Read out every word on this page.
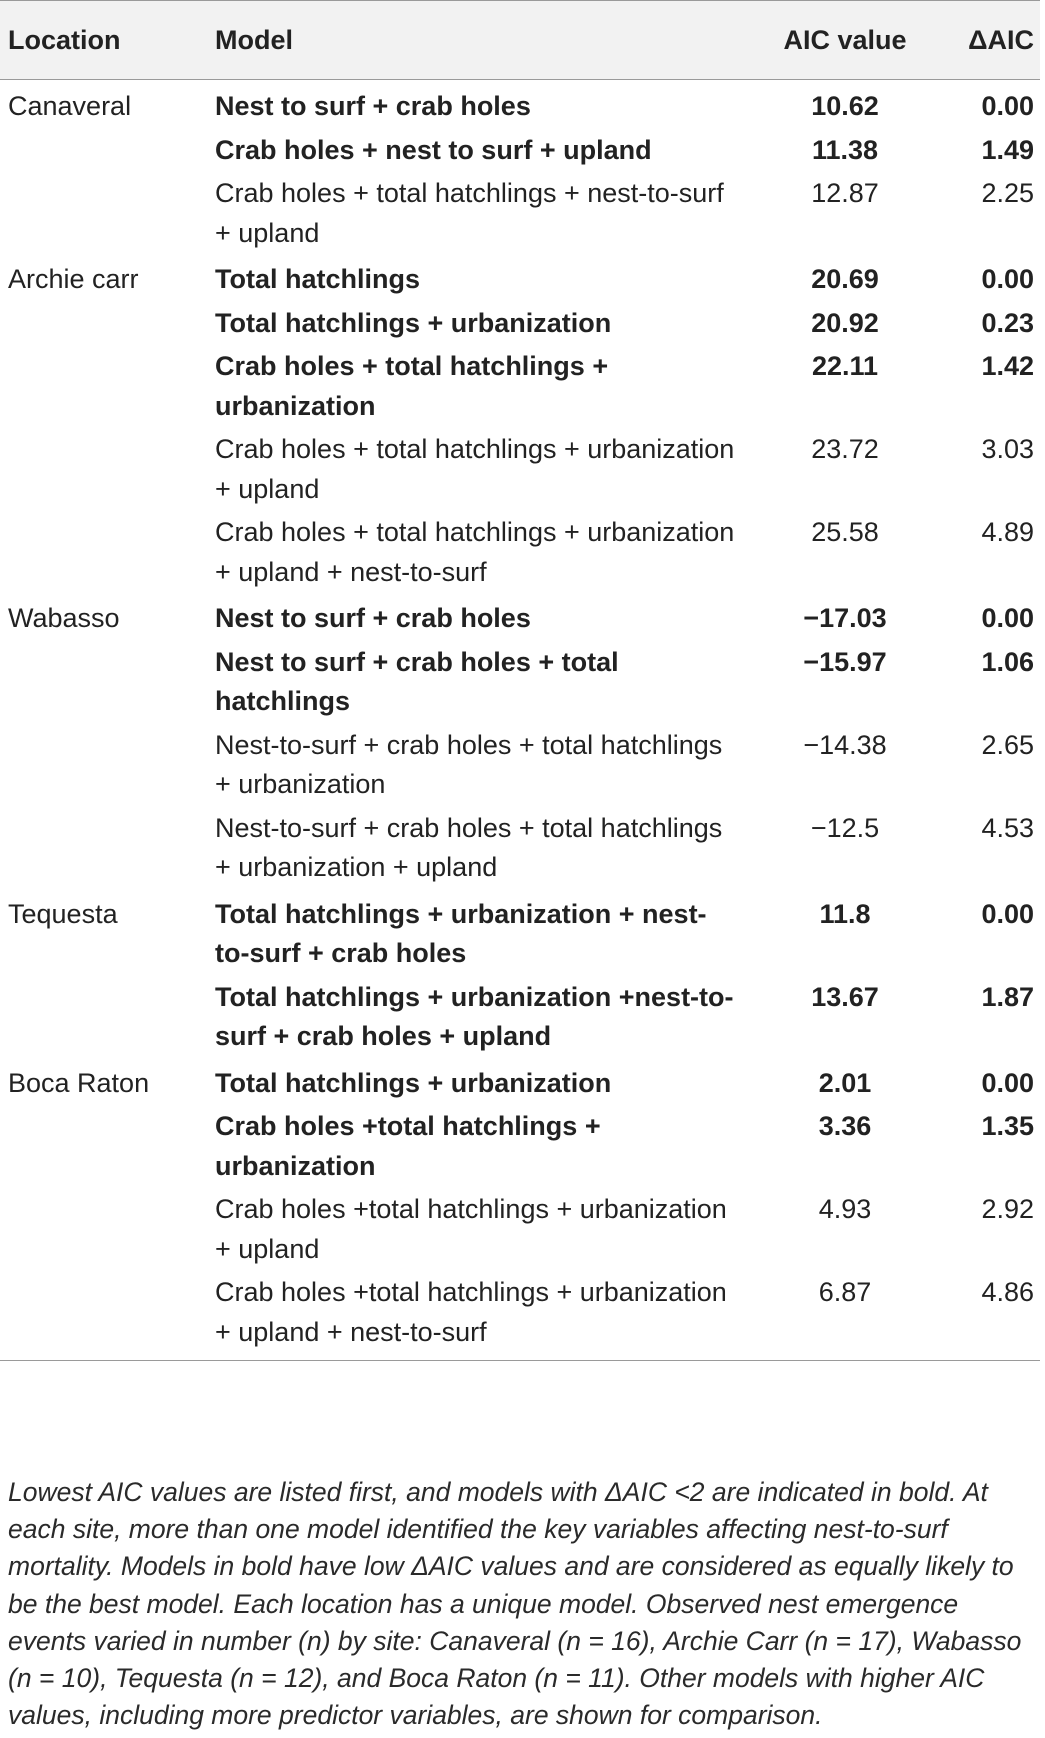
Location	Model	AIC value	ΔAIC
Canaveral	Nest to surf + crab holes	10.62	0.00
	Crab holes + nest to surf + upland	11.38	1.49
	Crab holes + total hatchlings + nest-to-surf + upland	12.87	2.25
Archie carr	Total hatchlings	20.69	0.00
	Total hatchlings + urbanization	20.92	0.23
	Crab holes + total hatchlings + urbanization	22.11	1.42
	Crab holes + total hatchlings + urbanization + upland	23.72	3.03
	Crab holes + total hatchlings + urbanization + upland + nest-to-surf	25.58	4.89
Wabasso	Nest to surf + crab holes	−17.03	0.00
	Nest to surf + crab holes + total hatchlings	−15.97	1.06
	Nest-to-surf + crab holes + total hatchlings + urbanization	−14.38	2.65
	Nest-to-surf + crab holes + total hatchlings + urbanization + upland	−12.5	4.53
Tequesta	Total hatchlings + urbanization + nest-to-surf + crab holes	11.8	0.00
	Total hatchlings + urbanization +nest-to-surf + crab holes + upland	13.67	1.87
Boca Raton	Total hatchlings + urbanization	2.01	0.00
	Crab holes +total hatchlings + urbanization	3.36	1.35
	Crab holes +total hatchlings + urbanization + upland	4.93	2.92
	Crab holes +total hatchlings + urbanization + upland + nest-to-surf	6.87	4.86

Lowest AIC values are listed first, and models with ΔAIC <2 are indicated in bold. At each site, more than one model identified the key variables affecting nest-to-surf mortality. Models in bold have low ΔAIC values and are considered as equally likely to be the best model. Each location has a unique model. Observed nest emergence events varied in number (n) by site: Canaveral (n = 16), Archie Carr (n = 17), Wabasso (n = 10), Tequesta (n = 12), and Boca Raton (n = 11). Other models with higher AIC values, including more predictor variables, are shown for comparison.
